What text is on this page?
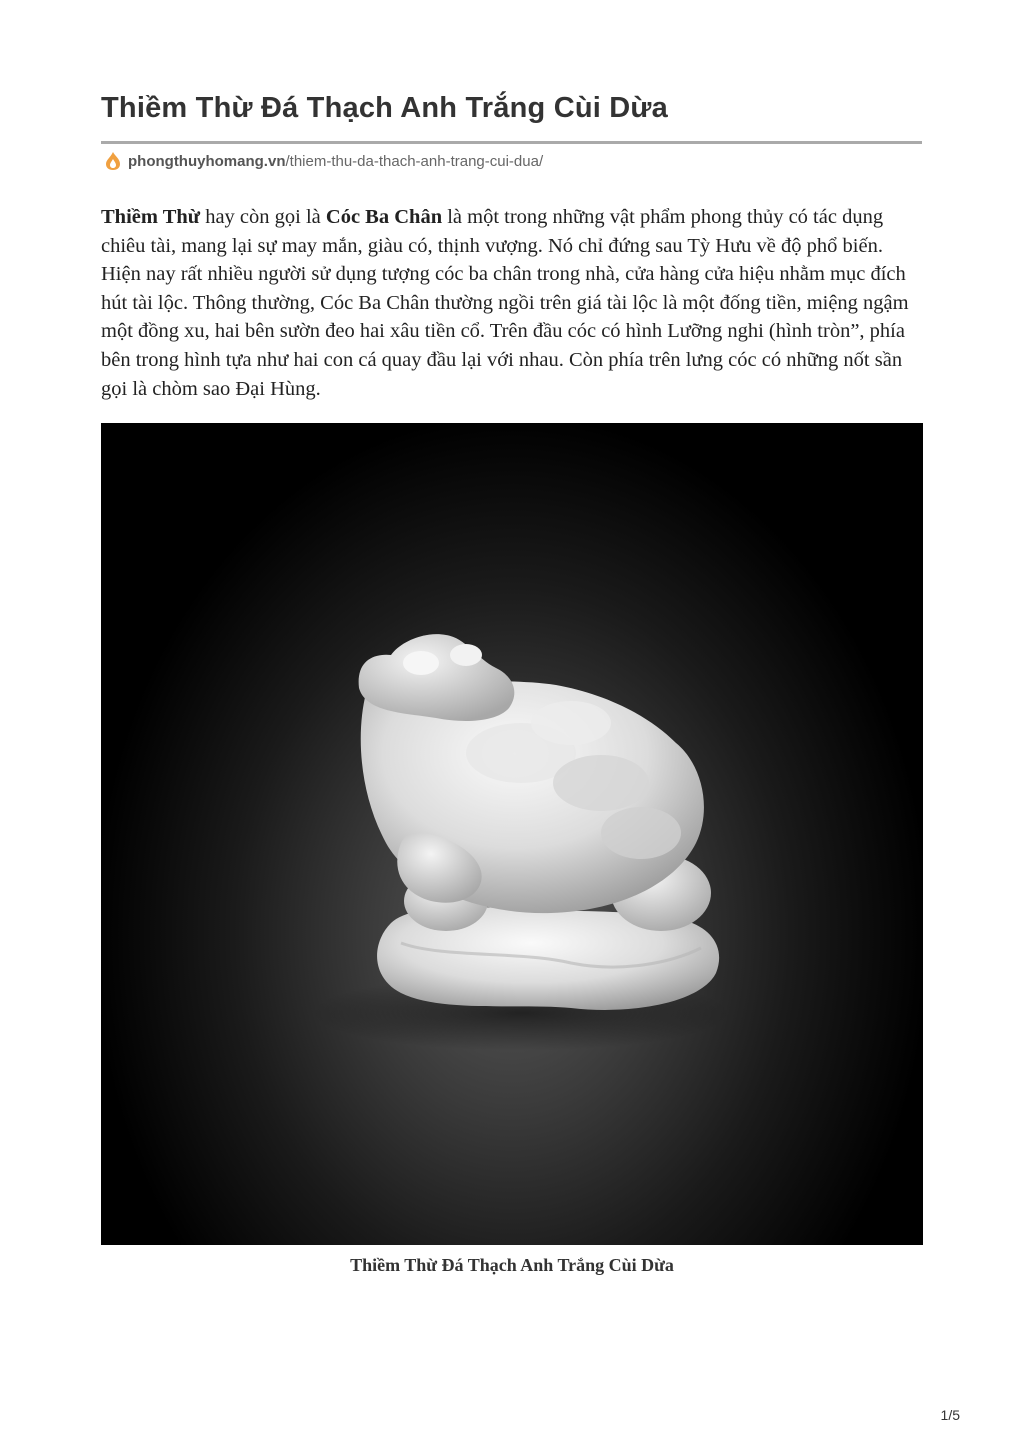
Thiềm Thừ Đá Thạch Anh Trắng Cùi Dừa
phongthuyhomang.vn /thiem-thu-da-thach-anh-trang-cui-dua/

Thiềm Thừ hay còn gọi là Cóc Ba Chân là một trong những vật phẩm phong thủy có tác dụng chiêu tài, mang lại sự may mắn, giàu có, thịnh vượng. Nó chỉ đứng sau Tỳ Hưu về độ phổ biến. Hiện nay rất nhiều người sử dụng tượng cóc ba chân trong nhà, cửa hàng cửa hiệu nhằm mục đích hút tài lộc. Thông thường, Cóc Ba Chân thường ngồi trên giá tài lộc là một đống tiền, miệng ngậm một đồng xu, hai bên sườn đeo hai xâu tiền cổ. Trên đầu cóc có hình Lưỡng nghi (hình tròn”, phía bên trong hình tựa như hai con cá quay đầu lại với nhau. Còn phía trên lưng cóc có những nốt sần gọi là chòm sao Đại Hùng.

Thiềm Thừ Đá Thạch Anh Trắng Cùi Dừa

1/5
